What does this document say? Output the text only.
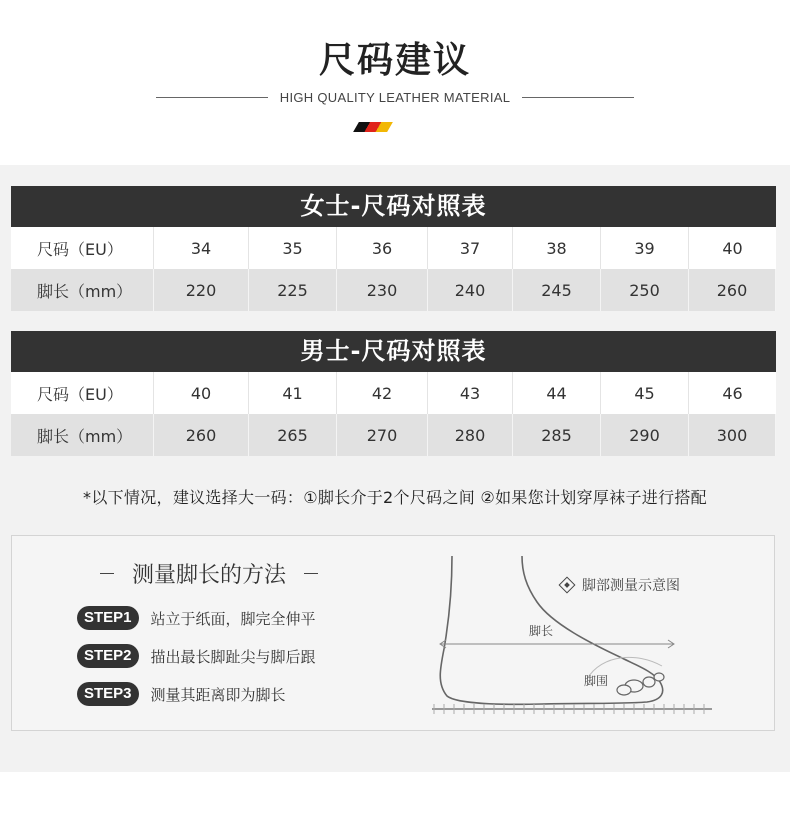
尺码建议
HIGH QUALITY LEATHER MATERIAL
女士-尺码对照表
尺码（EU）	34	35	36	37	38	39	40
脚长（mm）	220	225	230	240	245	250	260
男士-尺码对照表
尺码（EU）	40	41	42	43	44	45	46
脚长（mm）	260	265	270	280	285	290	300
*以下情况，建议选择大一码：①脚长介于2个尺码之间 ②如果您计划穿厚袜子进行搭配
测量脚长的方法
STEP1	站立于纸面，脚完全伸平
STEP2	描出最长脚趾尖与脚后跟
STEP3	测量其距离即为脚长
脚长
脚围
脚部测量示意图
